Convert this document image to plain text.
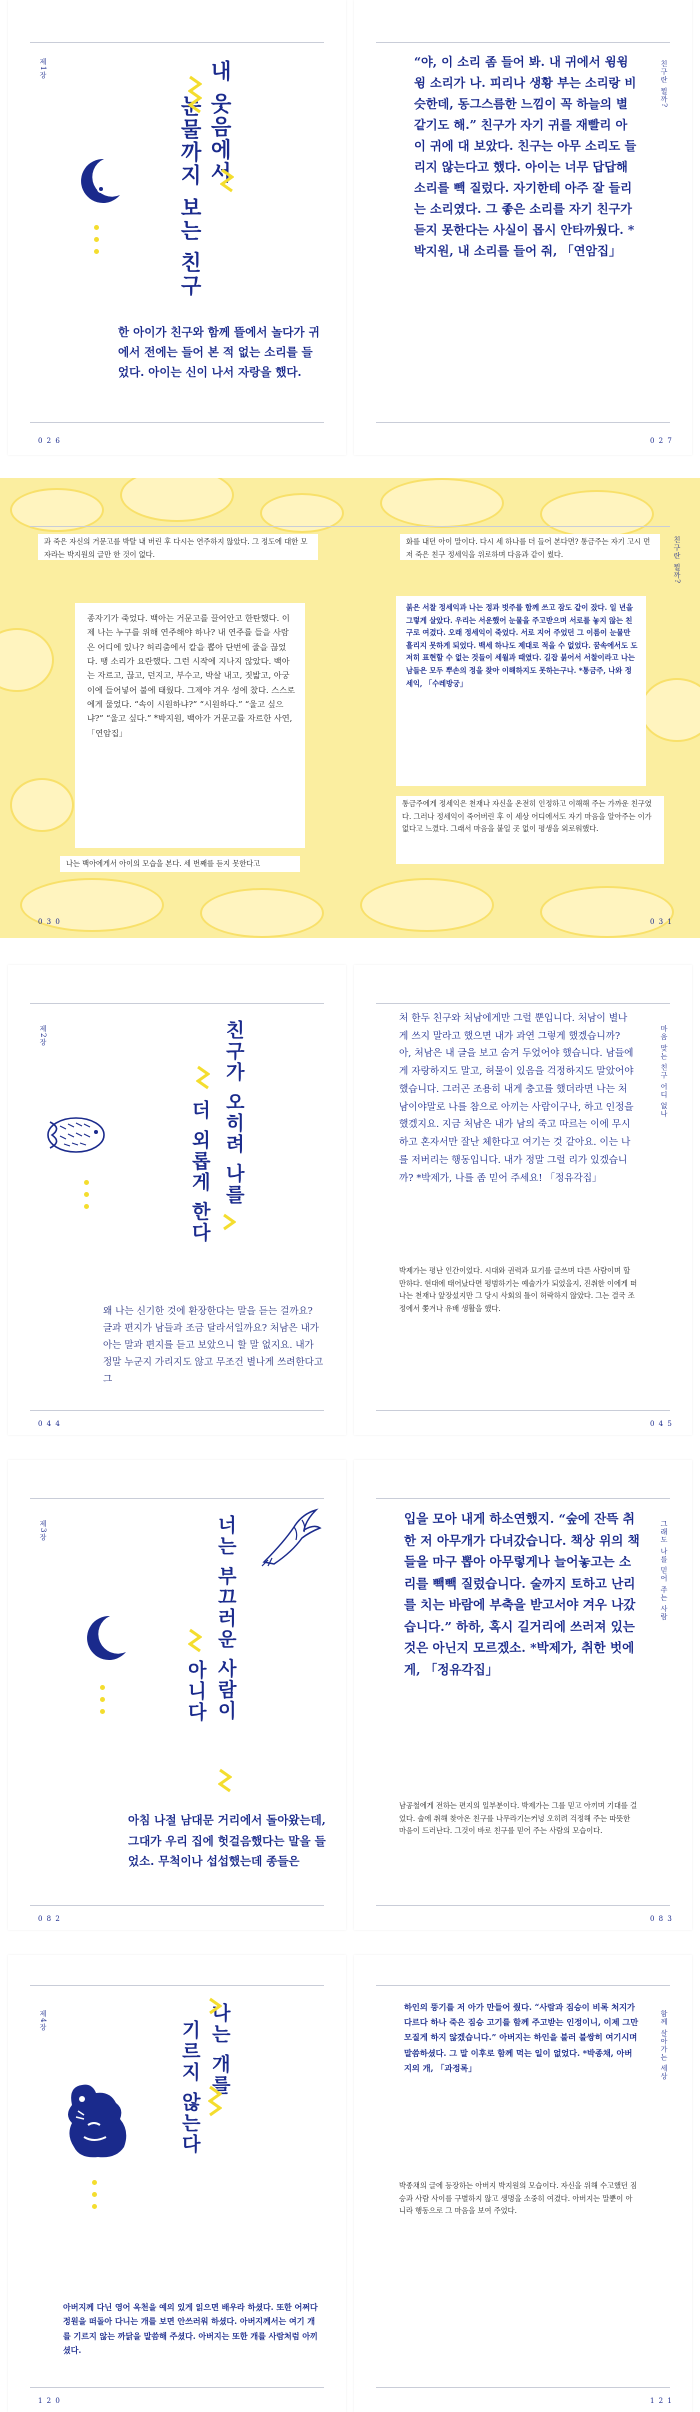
제1장	내 웃음에서
눈물까지 보는 친구
한 아이가 친구와 함께 뜰에서 놀다가 귀에서 전에는 들어 본 적 없는 소리를 들었다. 아이는 신이 나서 자랑을 했다.
0 2 6
“야, 이 소리 좀 들어 봐. 내 귀에서 윙윙윙 소리가 나. 피리나 생황 부는 소리랑 비슷한데, 동그스름한 느낌이 꼭 하늘의 별 같기도 해.” 친구가 자기 귀를 재빨리 아이 귀에 대 보았다. 친구는 아무 소리도 들리지 않는다고 했다. 아이는 너무 답답해 소리를 빽 질렀다. 자기한테 아주 잘 들리는 소리였다. 그 좋은 소리를 자기 친구가 듣지 못한다는 사실이 몹시 안타까웠다. *박지원, 내 소리를 들어 줘, 「연암집」
친구란 뭘까?
0 2 7
과 죽은 자신의 거문고를 박탈 내 버린 후 다시는 연주하지 않았다. 그 정도에 대한 모자라는 박지원의 글만 한 것이 없다.
종자기가 죽었다. 백아는 거문고를 끌어안고 한탄했다. 이제 나는 누구를 위해 연주해야 하나? 내 연주를 들을 사람은 어디에 있나? 허리춤에서 칼을 뽑아 단번에 줄을 끊었다. 땡 소리가 요란했다. 그런 시작에 지나지 않았다. 백아는 자르고, 끊고, 던지고, 부수고, 박살 내고, 짓밟고, 아궁이에 들어넣어 불에 태웠다. 그제야 겨우 성에 찼다. 스스로에게 물었다. “속이 시원하냐?” “시원하다.” “울고 싶으냐?” “울고 싶다.” *박지원, 백아가 거문고를 자르한 사연, 「연암집」
나는 백아에게서 아이의 모습을 본다. 세 번째를 듣지 못한다고
0 3 0
화를 내던 아이 말이다. 다시 세 하나를 더 들어 본다면? 통금주는 자기 고시 먼저 죽은 친구 정세익을 위로하며 다음과 같이 썼다.	친구란 뭘까?
붉은 서찰 정세익과 나는 정과 벗주를 함께 쓰고 잠도 같이 잤다. 일 년을 그렇게 살았다. 우리는 서운했어 눈물을 주고받으며 서로를 놓지 않는 친구로 여겼다. 오래 정세익이 죽었다. 서로 지어 주었던 그 이름이 눈물만 흘리지 못하게 되었다. 백세 하나도 제대로 적을 수 없었다. 꿈속에서도 도저히 표현할 수 없는 것들이 세월과 때였다. 길잡 붉어서 서찰이라고 나는 남들은 모두 뿌손의 정을 찾아 이해하지도 못하는구나. *통금주, 나와 정세익, 「수레방궁」
통금주에게 정세익은 천재나 자신을 온전히 인정하고 이해해 주는 가까운 친구였다. 그러나 정세익이 죽어버린 후 이 세상 어디에서도 자기 마음을 알아주는 이가 없다고 느꼈다. 그래서 마음을 붙일 곳 없이 평생을 외로워했다.
0 3 1
제2장	친구가 오히려 나를
더 외롭게 한다
왜 나는 신기한 것에 환장한다는 말을 듣는 걸까요? 글과 편지가 남들과 조금 달라서일까요? 처남은 내가 아는 말과 편지를 듣고 보았으니 할 말 없지요. 내가 정말 누군지 가리지도 않고 무조건 별나게 쓰려한다고 그
0 4 4
처 한두 친구와 처남에게만 그럴 뿐입니다. 처남이 별나게 쓰지 말라고 했으면 내가 과연 그렇게 했겠습니까? 아, 처남은 내 글을 보고 숨겨 두었어야 했습니다. 남들에게 자랑하지도 말고, 허물이 있음을 걱정하지도 말았어야 했습니다. 그러곤 조용히 내게 충고를 했더라면 나는 처남이야말로 나를 참으로 아끼는 사람이구나, 하고 인정을 했겠지요. 지금 처남은 내가 남의 죽고 따르는 이에 무시하고 혼자서만 잘난 체한다고 여기는 것 같아요. 이는 나를 저버리는 행동입니다. 내가 정말 그럴 리가 있겠습니까? *박제가, 나를 좀 믿어 주세요! 「정유각집」
마음 맞는 친구 어디 없나
박제가는 평난 인간이었다. 시대와 권력과 묘기를 글쓰며 다른 사람이며 할 만하다. 현대에 태어났다면 평범하기는 예술가가 되었을지, 진취한 이에게 떠나는 천재나 앞장섰지만 그 당시 사회의 틀이 허락하지 않았다. 그는 결국 조정에서 쫓겨나 유배 생활을 했다.
0 4 5
제3장	너는 부끄러운 사람이
아니다
아침 나절 남대문 거리에서 돌아왔는데, 그대가 우리 집에 헛걸음했다는 말을 들었소. 무척이나 섭섭했는데 종들은
0 8 2
입을 모아 내게 하소연했지. “숲에 잔뜩 취한 저 아무개가 다녀갔습니다. 책상 위의 책들을 마구 뽑아 아무렇게나 늘어놓고는 소리를 빽빽 질렀습니다. 술까지 토하고 난리를 치는 바람에 부축을 받고서야 겨우 나갔습니다.” 하하, 혹시 길거리에 쓰러져 있는 것은 아닌지 모르겠소. *박제가, 취한 벗에게, 「정유각집」
그래도 나를 믿어 주는 사람
남공철에게 전하는 편지의 일부분이다. 박제가는 그를 믿고 아끼며 기대를 걸었다. 술에 취해 찾아온 친구를 나무라기는커녕 오히려 걱정해 주는 따뜻한 마음이 드러난다. 그것이 바로 친구를 믿어 주는 사람의 모습이다.
0 8 3
제4장	나는 개를
기르지 않는다
아버지께 다닌 영어 옥천을 예의 있게 읽으면 배우라 하셨다. 또한 어쩌다 정원을 떠돌아 다니는 개를 보면 안쓰러워 하셨다. 아버지께서는 여기 개를 기르지 않는 까닭을 말씀해 주셨다. 아버지는 또한 개를 사람처럼 아끼셨다.
1 2 0
하인의 뚱기를 저 아가 만들어 줬다. “사람과 짐승이 비록 처지가 다르다 하나 죽은 짐승 고기를 함께 주고받는 인정이니, 이제 그만 모질게 하지 않겠습니다.” 아버지는 하인을 불러 불쌍히 여기시며 말씀하셨다. 그 말 이후로 함께 먹는 일이 없었다. *박종채, 아버지의 개, 「과정록」	함께 살아가는 세상
박종채의 글에 등장하는 아버지 박지원의 모습이다. 자신을 위해 수고했던 짐승과 사람 사이를 구별하지 않고 생명을 소중히 여겼다. 아버지는 말뿐이 아니라 행동으로 그 마음을 보여 주었다.
1 2 1
